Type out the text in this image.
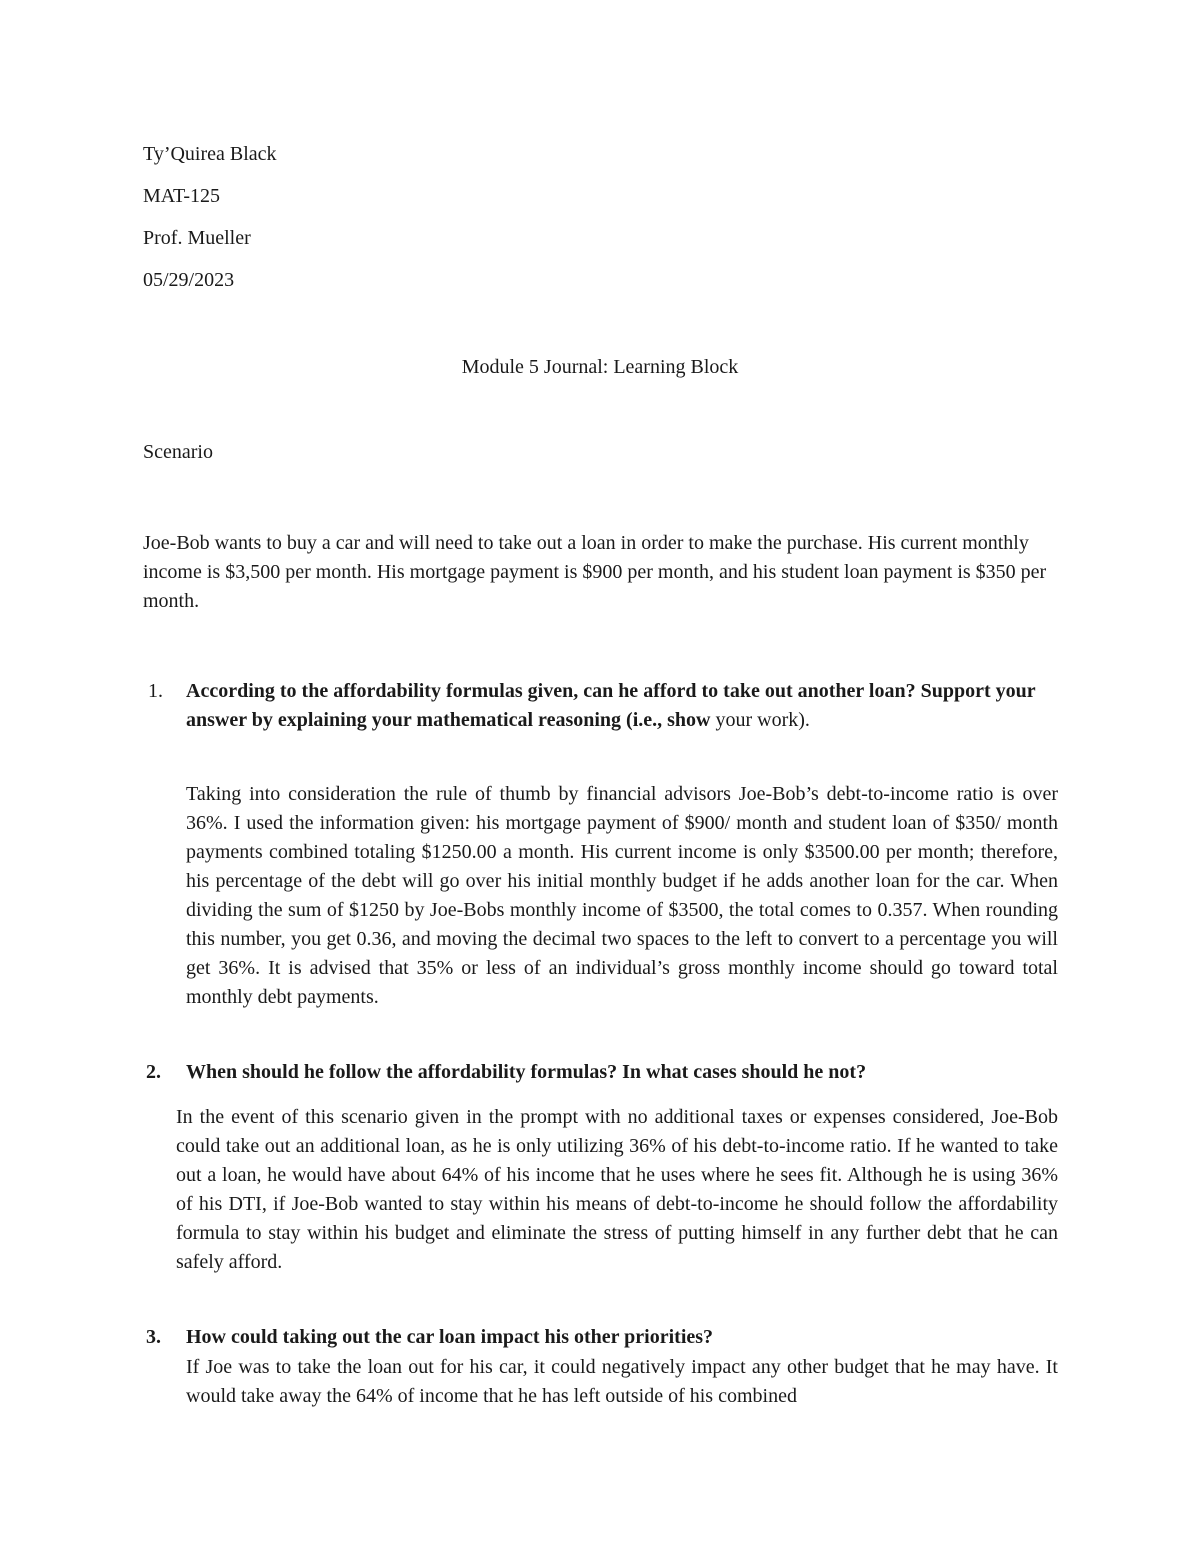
Ty’Quirea Black

MAT-125

Prof. Mueller

05/29/2023

Module 5 Journal: Learning Block

Scenario

Joe-Bob wants to buy a car and will need to take out a loan in order to make the purchase. His current monthly income is $3,500 per month. His mortgage payment is $900 per month, and his student loan payment is $350 per month.

1. According to the affordability formulas given, can he afford to take out another loan? Support your answer by explaining your mathematical reasoning (i.e., show your work).

Taking into consideration the rule of thumb by financial advisors Joe-Bob’s debt-to-income ratio is over 36%. I used the information given: his mortgage payment of $900/ month and student loan of $350/ month payments combined totaling $1250.00 a month. His current income is only $3500.00 per month; therefore, his percentage of the debt will go over his initial monthly budget if he adds another loan for the car. When dividing the sum of $1250 by Joe-Bobs monthly income of $3500, the total comes to 0.357. When rounding this number, you get 0.36, and moving the decimal two spaces to the left to convert to a percentage you will get 36%. It is advised that 35% or less of an individual’s gross monthly income should go toward total monthly debt payments.

2. When should he follow the affordability formulas? In what cases should he not?

In the event of this scenario given in the prompt with no additional taxes or expenses considered, Joe-Bob could take out an additional loan, as he is only utilizing 36% of his debt-to-income ratio. If he wanted to take out a loan, he would have about 64% of his income that he uses where he sees fit. Although he is using 36% of his DTI, if Joe-Bob wanted to stay within his means of debt-to-income he should follow the affordability formula to stay within his budget and eliminate the stress of putting himself in any further debt that he can safely afford.

3. How could taking out the car loan impact his other priorities?

If Joe was to take the loan out for his car, it could negatively impact any other budget that he may have. It would take away the 64% of income that he has left outside of his combined
